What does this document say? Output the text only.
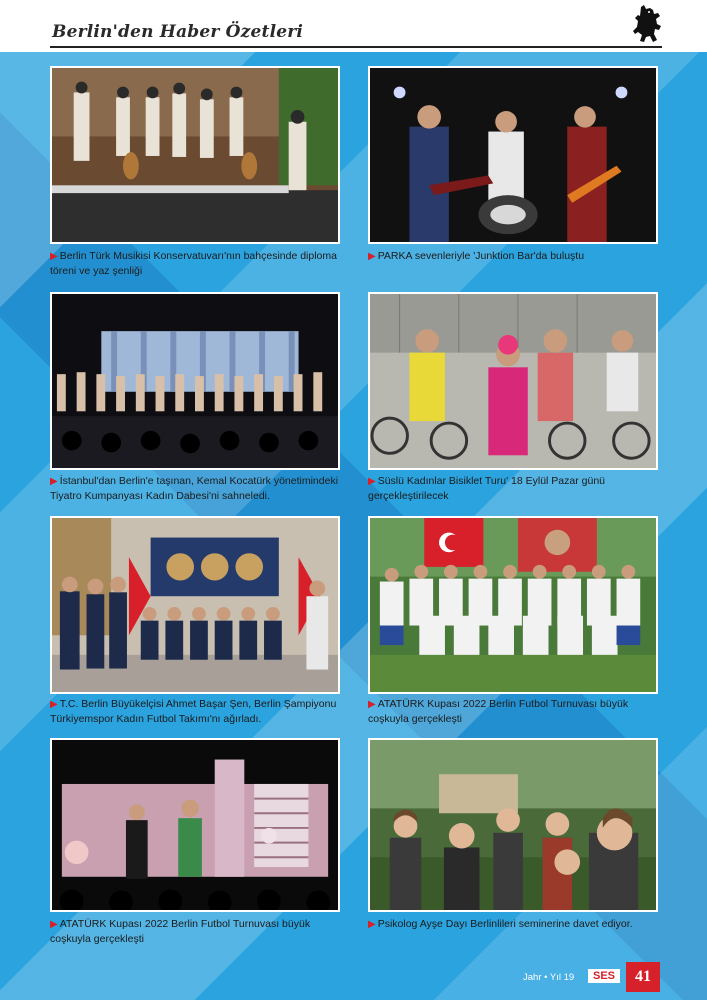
Berlin'den Haber Özetleri
▶ Berlin Türk Musikisi Konservatuvarı'nın bahçesinde diploma töreni ve yaz şenliği
▶ PARKA sevenleriyle 'Junktion Bar'da buluştu
▶ İstanbul'dan Berlin'e taşınan, Kemal Kocatürk yönetimindeki Tiyatro Kumpanyası Kadın Dabesi'ni sahneledi.
▶ Süslü Kadınlar Bisiklet Turu' 18 Eylül Pazar günü gerçekleştirilecek
▶ T.C. Berlin Büyükelçisi Ahmet Başar Şen, Berlin Şampiyonu Türkiyemspor Kadın Futbol Takımı'nı ağırladı.
▶ ATATÜRK Kupası 2022 Berlin Futbol Turnuvası büyük coşkuyla gerçekleşti
▶ ATATÜRK Kupası 2022 Berlin Futbol Turnuvası büyük coşkuyla gerçekleşti
▶ Psikolog Ayşe Dayı Berlinlileri seminerine davet ediyor.
Jahr • Yıl 19	SES	41
